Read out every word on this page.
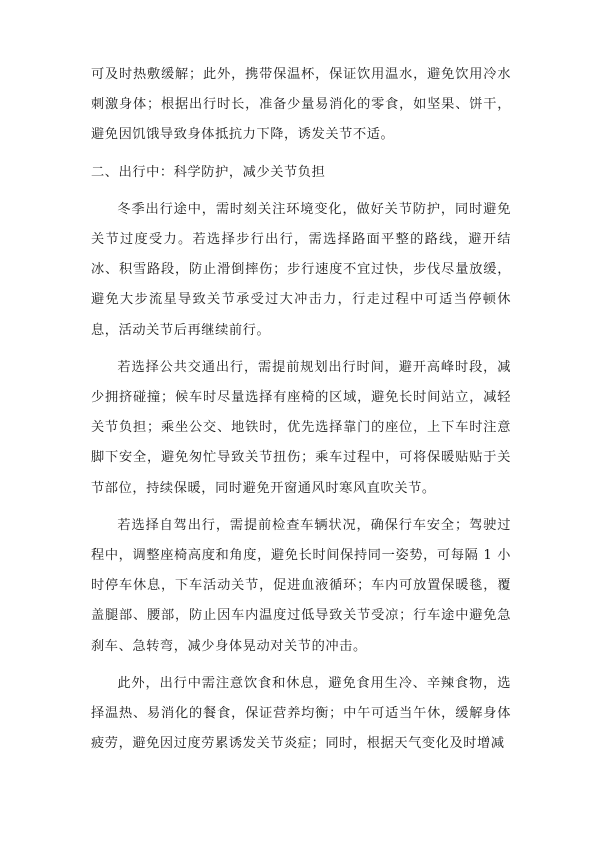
可及时热敷缓解；此外，携带保温杯，保证饮用温水，避免饮用冷水刺激身体；根据出行时长，准备少量易消化的零食，如坚果、饼干，避免因饥饿导致身体抵抗力下降，诱发关节不适。

二、出行中：科学防护，减少关节负担

冬季出行途中，需时刻关注环境变化，做好关节防护，同时避免关节过度受力。若选择步行出行，需选择路面平整的路线，避开结冰、积雪路段，防止滑倒摔伤；步行速度不宜过快，步伐尽量放缓，避免大步流星导致关节承受过大冲击力，行走过程中可适当停顿休息，活动关节后再继续前行。

若选择公共交通出行，需提前规划出行时间，避开高峰时段，减少拥挤碰撞；候车时尽量选择有座椅的区域，避免长时间站立，减轻关节负担；乘坐公交、地铁时，优先选择靠门的座位，上下车时注意脚下安全，避免匆忙导致关节扭伤；乘车过程中，可将保暖贴贴于关节部位，持续保暖，同时避免开窗通风时寒风直吹关节。

若选择自驾出行，需提前检查车辆状况，确保行车安全；驾驶过程中，调整座椅高度和角度，避免长时间保持同一姿势，可每隔 1 小时停车休息，下车活动关节，促进血液循环；车内可放置保暖毯，覆盖腿部、腰部，防止因车内温度过低导致关节受凉；行车途中避免急刹车、急转弯，减少身体晃动对关节的冲击。

此外，出行中需注意饮食和休息，避免食用生冷、辛辣食物，选择温热、易消化的餐食，保证营养均衡；中午可适当午休，缓解身体疲劳，避免因过度劳累诱发关节炎症；同时，根据天气变化及时增减
